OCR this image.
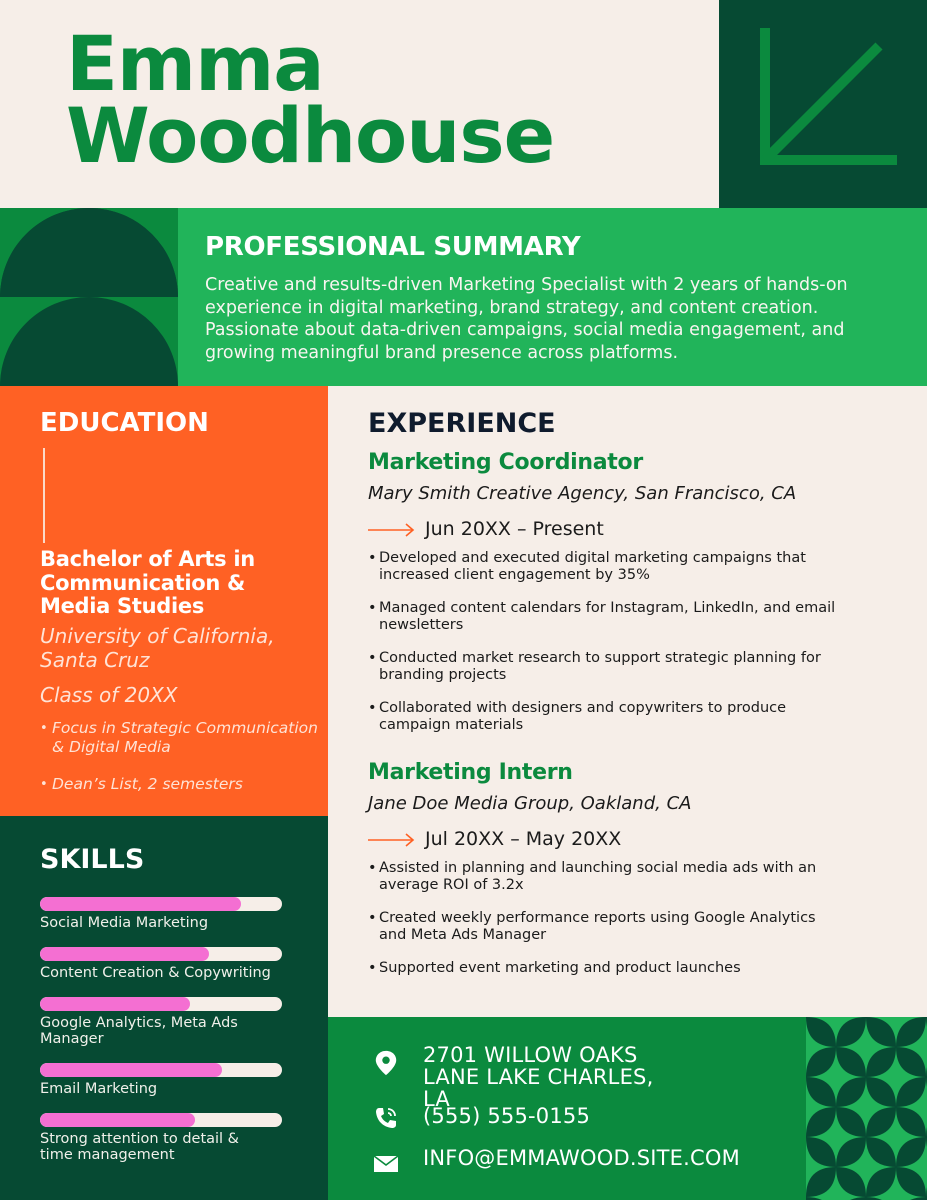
Emma
Woodhouse
PROFESSIONAL SUMMARY

Creative and results-driven Marketing Specialist with 2 years of hands-on experience in digital marketing, brand strategy, and content creation. Passionate about data-driven campaigns, social media engagement, and growing meaningful brand presence across platforms.

EDUCATION
Bachelor of Arts in Communication & Media Studies
University of California, Santa Cruz
Class of 20XX
• Focus in Strategic Communication & Digital Media
• Dean’s List, 2 semesters
SKILLS
Social Media Marketing
Content Creation & Copywriting
Google Analytics, Meta Ads Manager
Email Marketing
Strong attention to detail & time management
EXPERIENCE
Marketing Coordinator
Mary Smith Creative Agency, San Francisco, CA
Jun 20XX – Present
• Developed and executed digital marketing campaigns that increased client engagement by 35%
• Managed content calendars for Instagram, LinkedIn, and email newsletters
• Conducted market research to support strategic planning for branding projects
• Collaborated with designers and copywriters to produce campaign materials
Marketing Intern
Jane Doe Media Group, Oakland, CA
Jul 20XX – May 20XX
• Assisted in planning and launching social media ads with an average ROI of 3.2x
• Created weekly performance reports using Google Analytics and Meta Ads Manager
• Supported event marketing and product launches
2701 WILLOW OAKS LANE LAKE CHARLES, LA
(555) 555-0155
INFO@EMMAWOOD.SITE.COM
